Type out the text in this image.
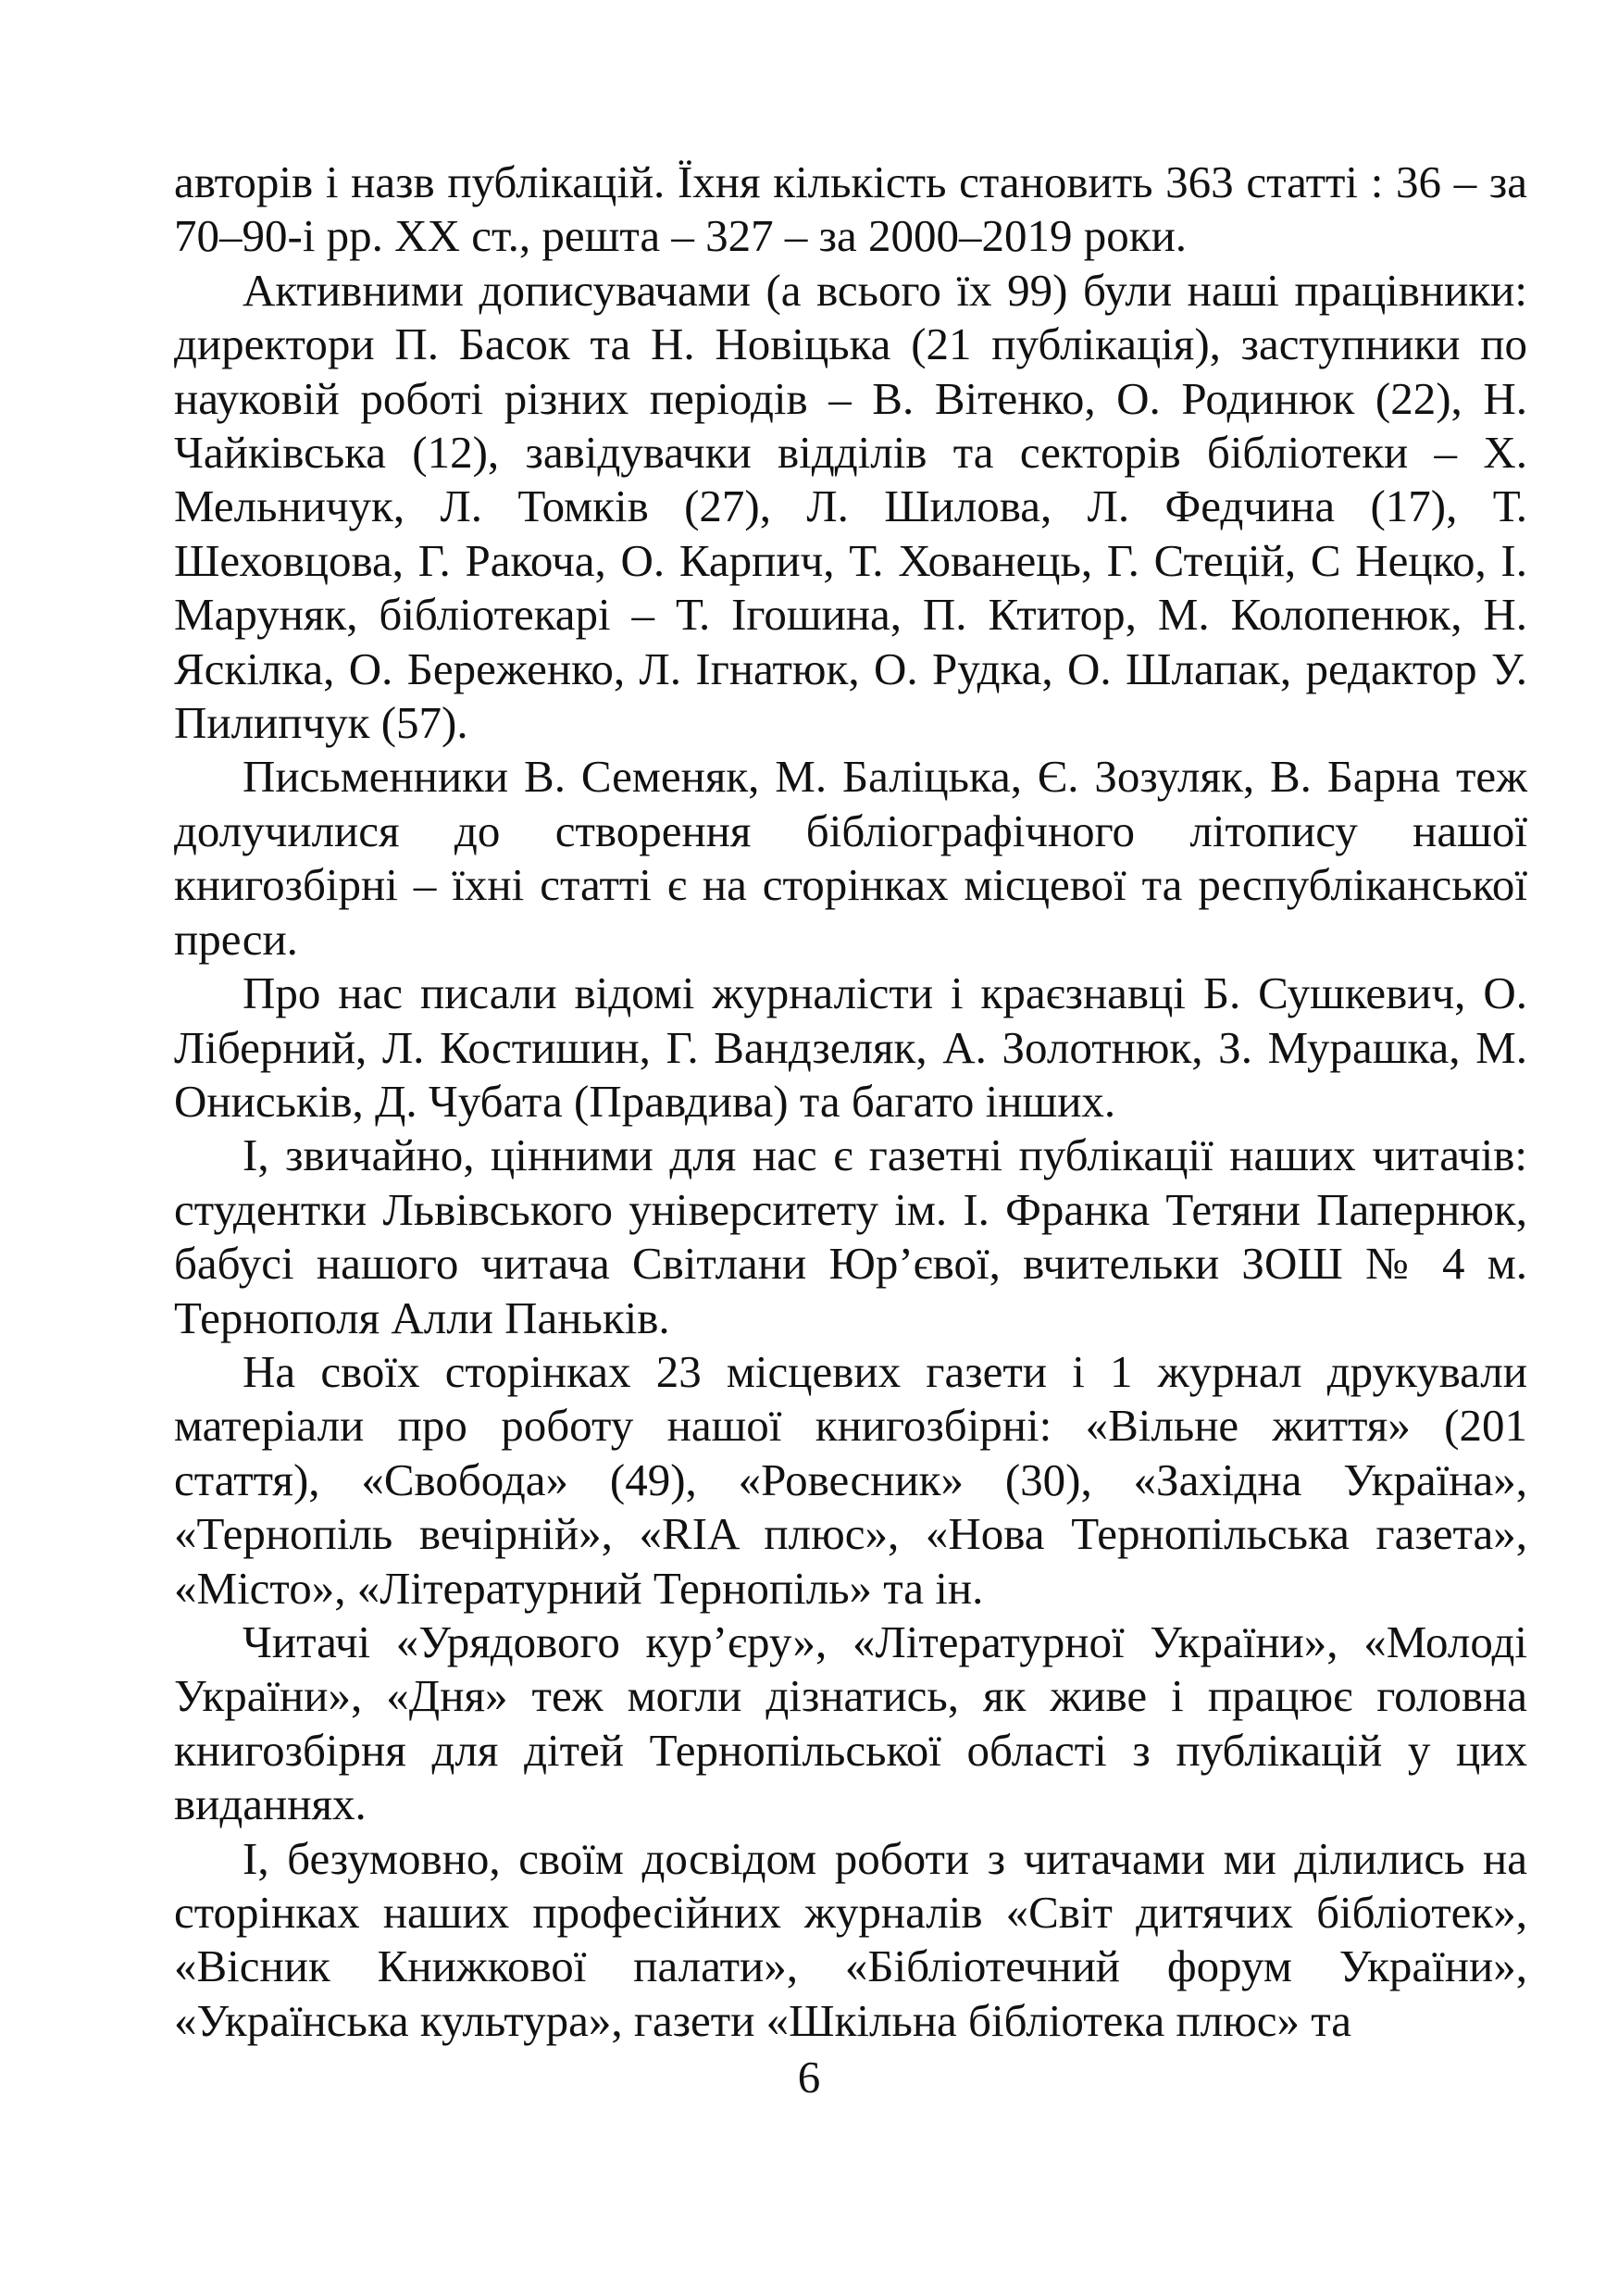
авторів і назв публікацій. Їхня кількість становить 363 статті : 36 – за 70–90-і рр. XX ст., решта – 327 – за 2000–2019 роки.

Активними дописувачами (а всього їх 99) були наші працівники: директори П. Басок та Н. Новіцька (21 публікація), заступники по науковій роботі різних періодів – В. Вітенко, О. Родинюк (22), Н. Чайківська (12), завідувачки відділів та секторів бібліотеки – Х. Мельничук, Л. Томків (27), Л. Шилова, Л. Федчина (17), Т. Шеховцова, Г. Ракоча, О. Карпич, Т. Хованець, Г. Стецій, С Нецко, І. Маруняк, бібліотекарі – Т. Ігошина, П. Ктитор, М. Колопенюк, Н. Яскілка, О. Береженко, Л. Ігнатюк, О. Рудка, О. Шлапак, редактор У. Пилипчук (57).

Письменники В. Семеняк, М. Баліцька, Є. Зозуляк, В. Барна теж долучилися до створення бібліографічного літопису нашої книгозбірні – їхні статті є на сторінках місцевої та республіканської преси.

Про нас писали відомі журналісти і краєзнавці Б. Сушкевич, О. Ліберний, Л. Костишин, Г. Вандзеляк, А. Золотнюк, З. Мурашка, М. Ониськів, Д. Чубата (Правдива) та багато інших.

І, звичайно, цінними для нас є газетні публікації наших читачів: студентки Львівського університету ім. І. Франка Тетяни Папернюк, бабусі нашого читача Світлани Юр’євої, вчительки ЗОШ № 4 м. Тернополя Алли Паньків.

На своїх сторінках 23 місцевих газети і 1 журнал друкували матеріали про роботу нашої книгозбірні: «Вільне життя» (201 стаття), «Свобода» (49), «Ровесник» (30), «Західна Україна», «Тернопіль вечірній», «RIA плюс», «Нова Тернопільська газета», «Місто», «Літературний Тернопіль» та ін.

Читачі «Урядового кур’єру», «Літературної України», «Молоді України», «Дня» теж могли дізнатись, як живе і працює головна книгозбірня для дітей Тернопільської області з публікацій у цих виданнях.

І, безумовно, своїм досвідом роботи з читачами ми ділились на сторінках наших професійних журналів «Світ дитячих бібліотек», «Вісник Книжкової палати», «Бібліотечний форум України», «Українська культура», газети «Шкільна бібліотека плюс» та

6
